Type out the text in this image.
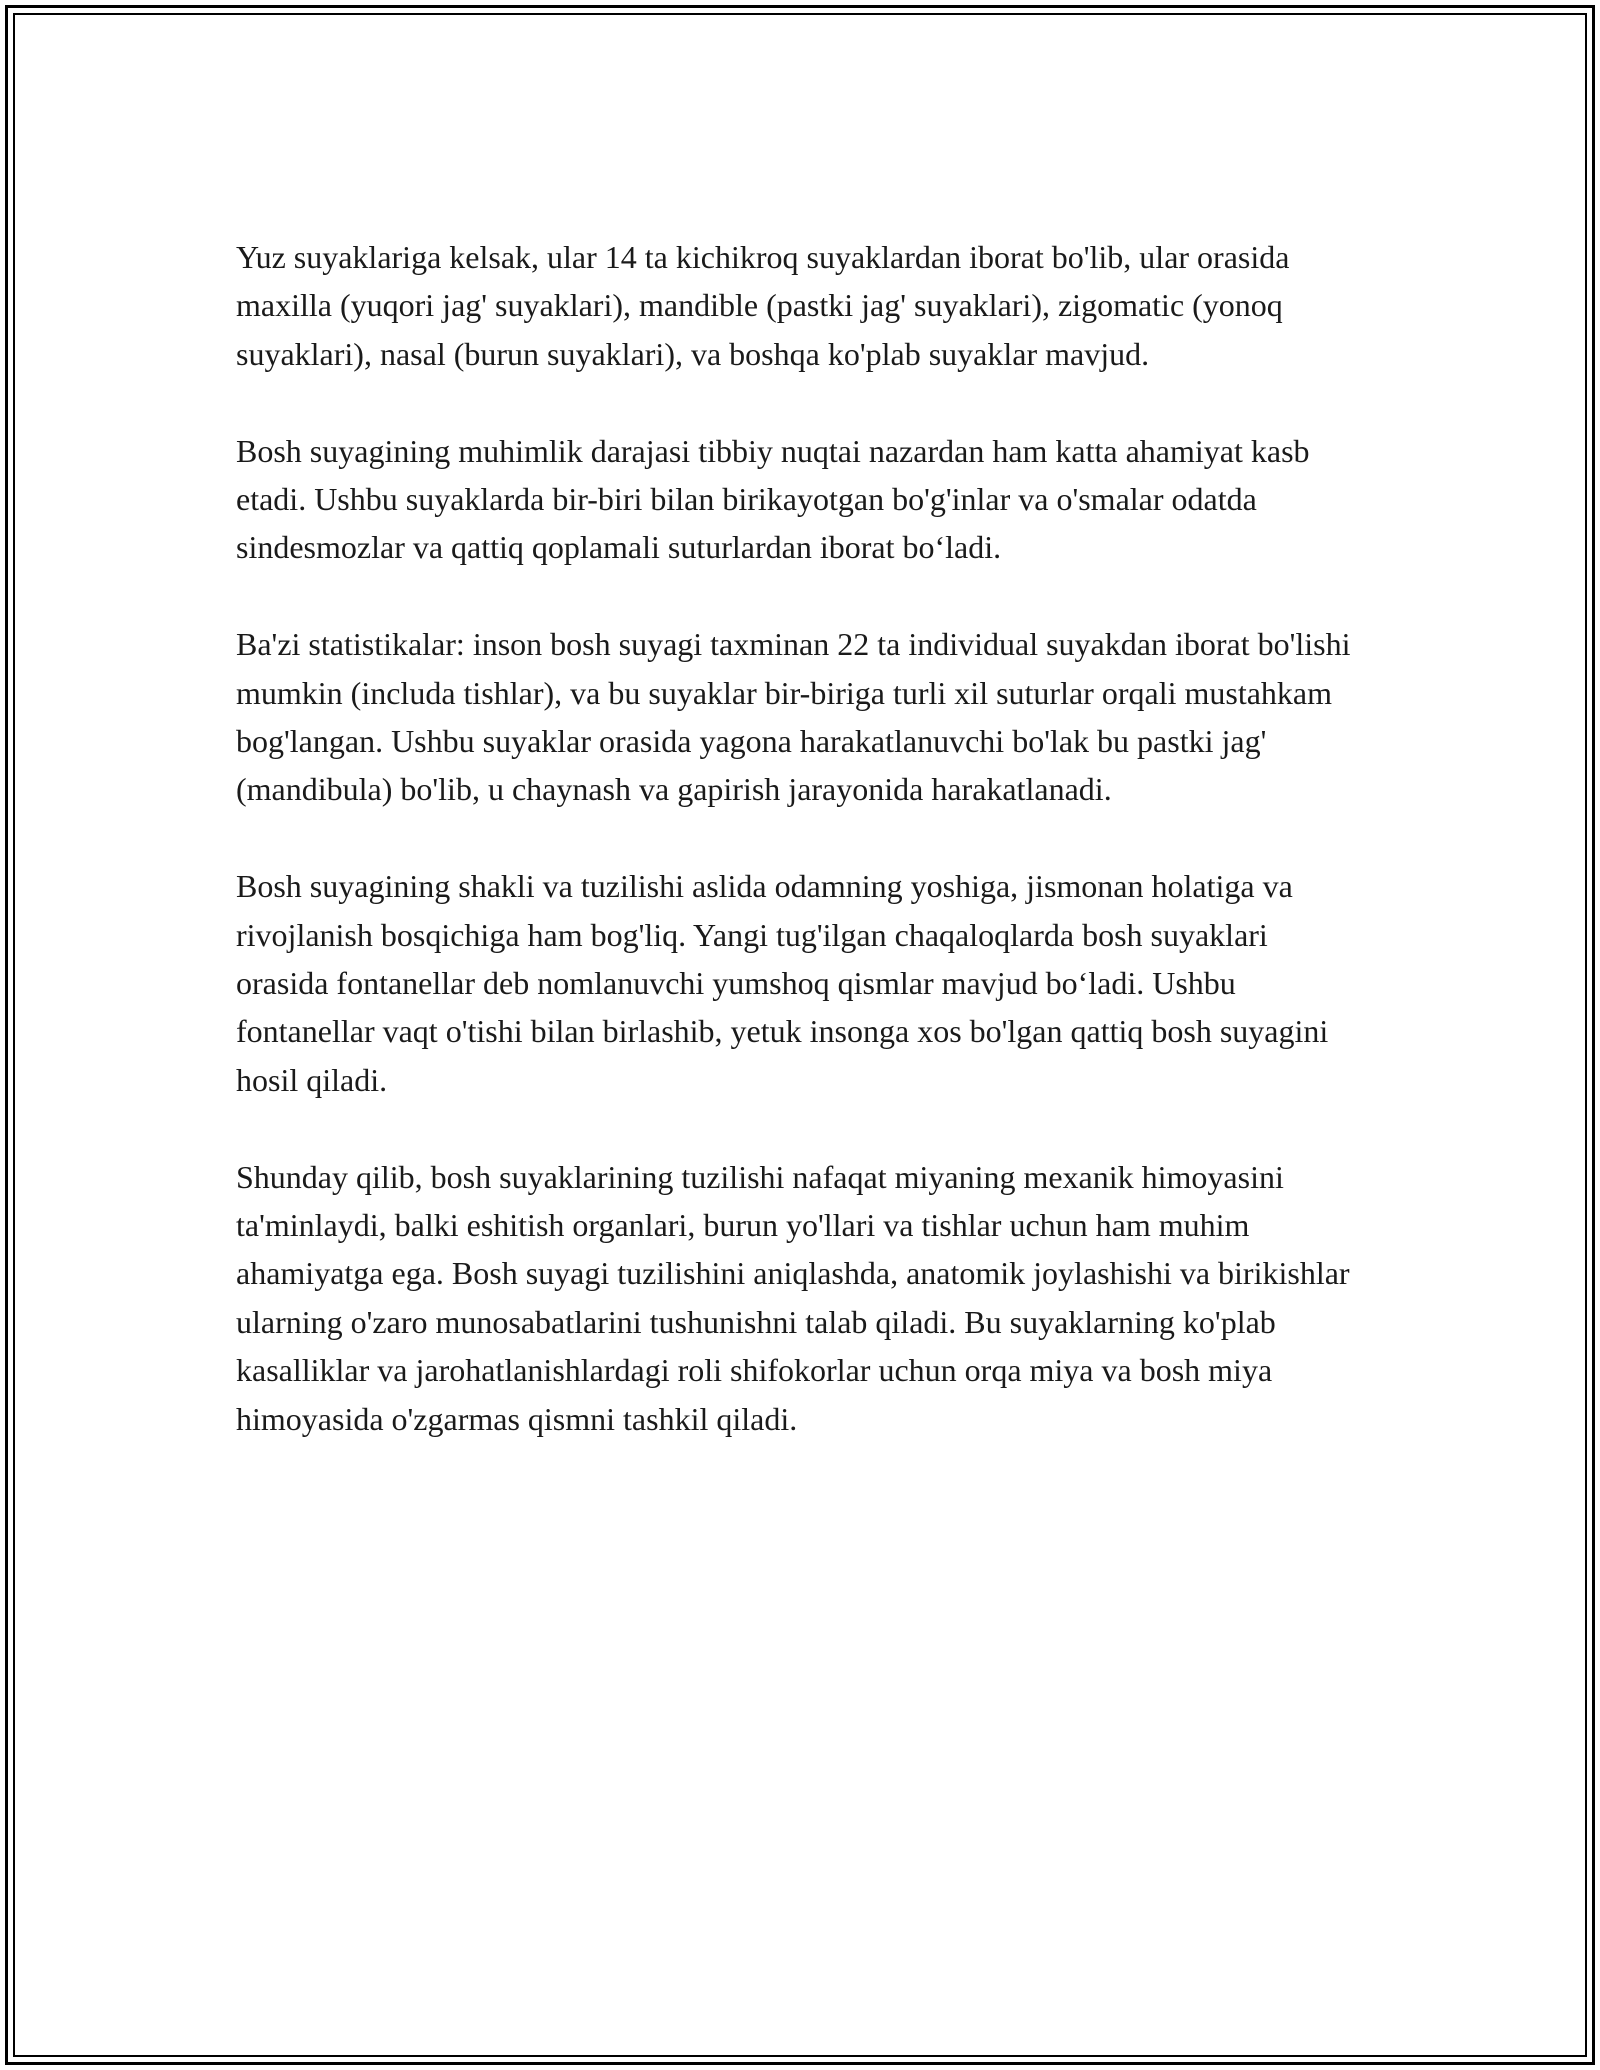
Yuz suyaklariga kelsak, ular 14 ta kichikroq suyaklardan iborat bo'lib, ular orasida maxilla (yuqori jag' suyaklari), mandible (pastki jag' suyaklari), zigomatic (yonoq suyaklari), nasal (burun suyaklari), va boshqa ko'plab suyaklar mavjud.

Bosh suyagining muhimlik darajasi tibbiy nuqtai nazardan ham katta ahamiyat kasb etadi. Ushbu suyaklarda bir-biri bilan birikayotgan bo'g'inlar va o'smalar odatda sindesmozlar va qattiq qoplamali suturlardan iborat bo‘ladi.

Ba'zi statistikalar: inson bosh suyagi taxminan 22 ta individual suyakdan iborat bo'lishi mumkin (includa tishlar), va bu suyaklar bir-biriga turli xil suturlar orqali mustahkam bog'langan. Ushbu suyaklar orasida yagona harakatlanuvchi bo'lak bu pastki jag' (mandibula) bo'lib, u chaynash va gapirish jarayonida harakatlanadi.

Bosh suyagining shakli va tuzilishi aslida odamning yoshiga, jismonan holatiga va rivojlanish bosqichiga ham bog'liq. Yangi tug'ilgan chaqaloqlarda bosh suyaklari orasida fontanellar deb nomlanuvchi yumshoq qismlar mavjud bo‘ladi. Ushbu fontanellar vaqt o'tishi bilan birlashib, yetuk insonga xos bo'lgan qattiq bosh suyagini hosil qiladi.

Shunday qilib, bosh suyaklarining tuzilishi nafaqat miyaning mexanik himoyasini ta'minlaydi, balki eshitish organlari, burun yo'llari va tishlar uchun ham muhim ahamiyatga ega. Bosh suyagi tuzilishini aniqlashda, anatomik joylashishi va birikishlar ularning o'zaro munosabatlarini tushunishni talab qiladi. Bu suyaklarning ko'plab kasalliklar va jarohatlanishlardagi roli shifokorlar uchun orqa miya va bosh miya himoyasida o'zgarmas qismni tashkil qiladi.
